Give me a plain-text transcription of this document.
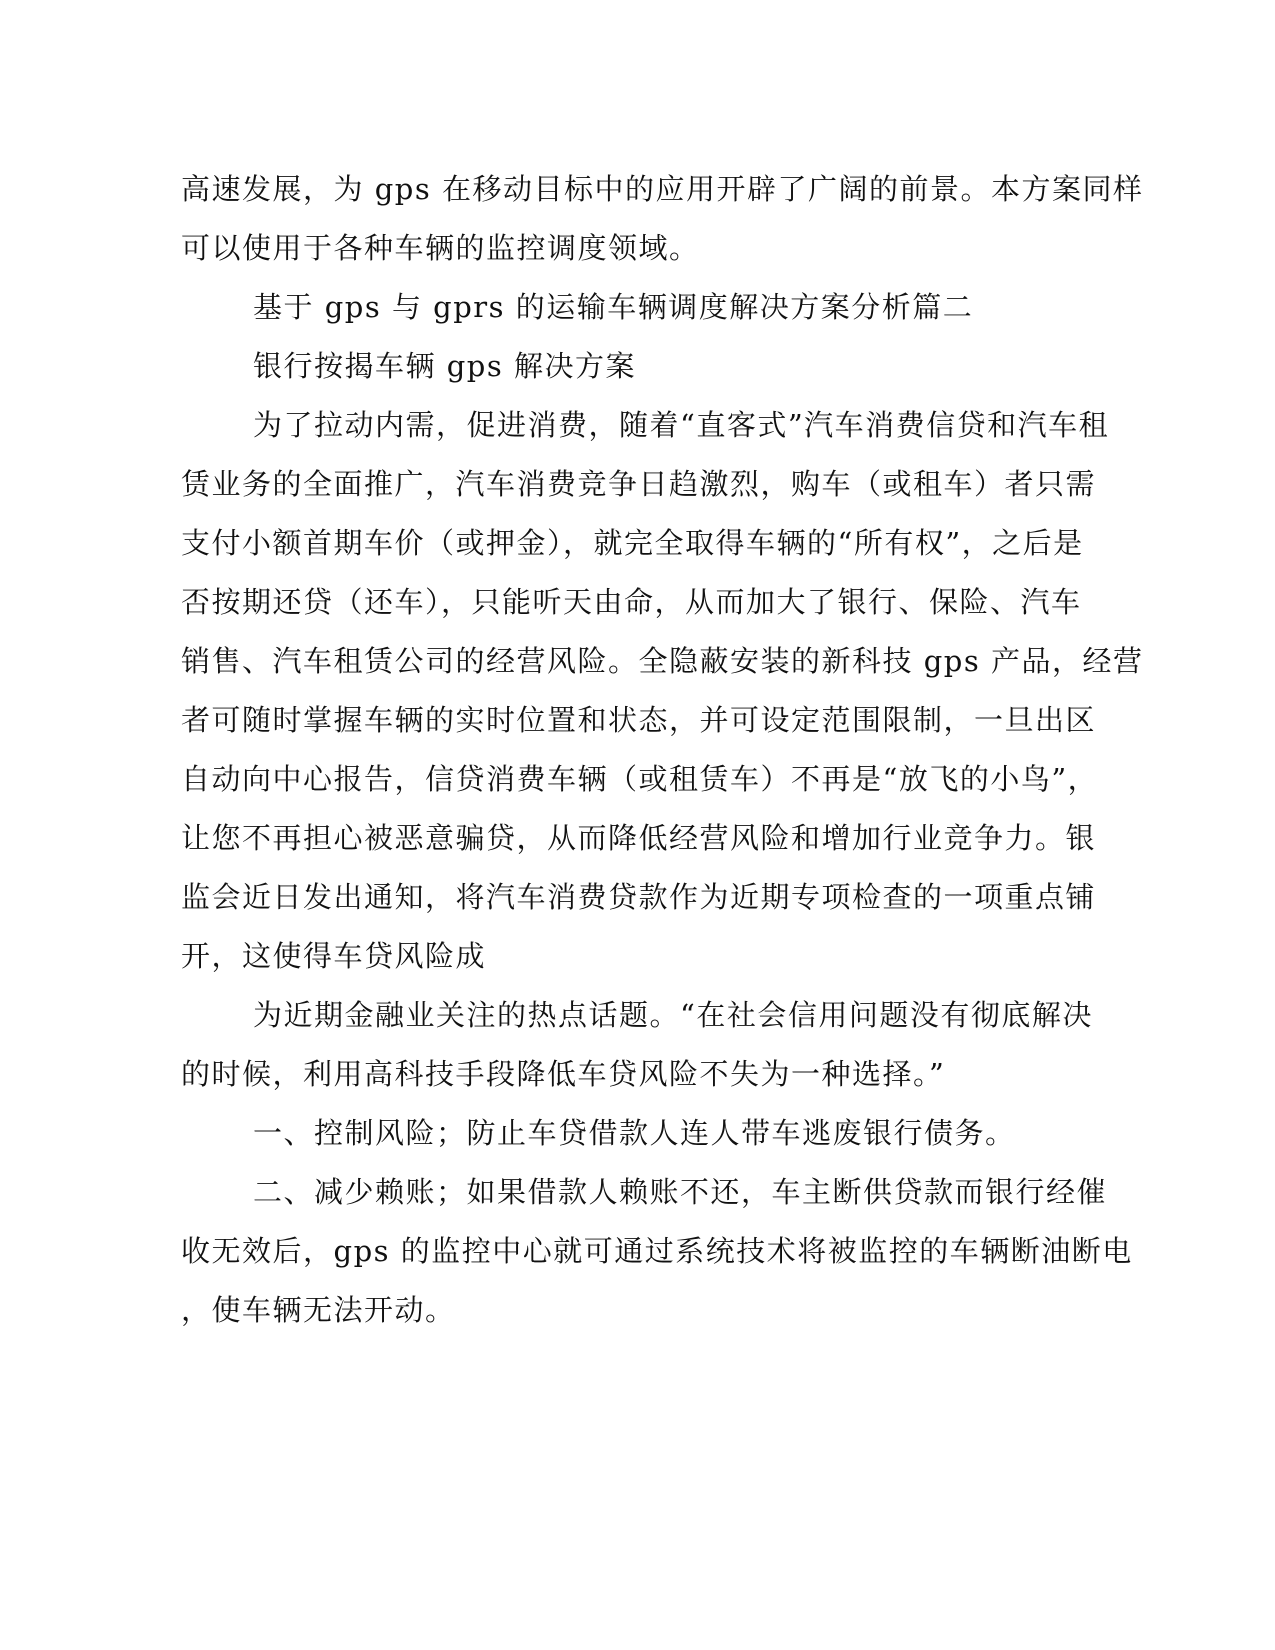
高速发展，为 gps 在移动目标中的应用开辟了广阔的前景。本方案同样
可以使用于各种车辆的监控调度领域。
基于 gps 与 gprs 的运输车辆调度解决方案分析篇二
银行按揭车辆 gps 解决方案
为了拉动内需，促进消费，随着“直客式”汽车消费信贷和汽车租
赁业务的全面推广，汽车消费竞争日趋激烈，购车（或租车）者只需
支付小额首期车价（或押金），就完全取得车辆的“所有权”，之后是
否按期还贷（还车），只能听天由命，从而加大了银行、保险、汽车
销售、汽车租赁公司的经营风险。全隐蔽安装的新科技 gps 产品，经营
者可随时掌握车辆的实时位置和状态，并可设定范围限制，一旦出区
自动向中心报告，信贷消费车辆（或租赁车）不再是“放飞的小鸟”，
让您不再担心被恶意骗贷，从而降低经营风险和增加行业竞争力。银
监会近日发出通知，将汽车消费贷款作为近期专项检查的一项重点铺
开，这使得车贷风险成
为近期金融业关注的热点话题。“在社会信用问题没有彻底解决
的时候，利用高科技手段降低车贷风险不失为一种选择。”
一、控制风险；防止车贷借款人连人带车逃废银行债务。
二、减少赖账；如果借款人赖账不还，车主断供贷款而银行经催
收无效后，gps 的监控中心就可通过系统技术将被监控的车辆断油断电
，使车辆无法开动。
